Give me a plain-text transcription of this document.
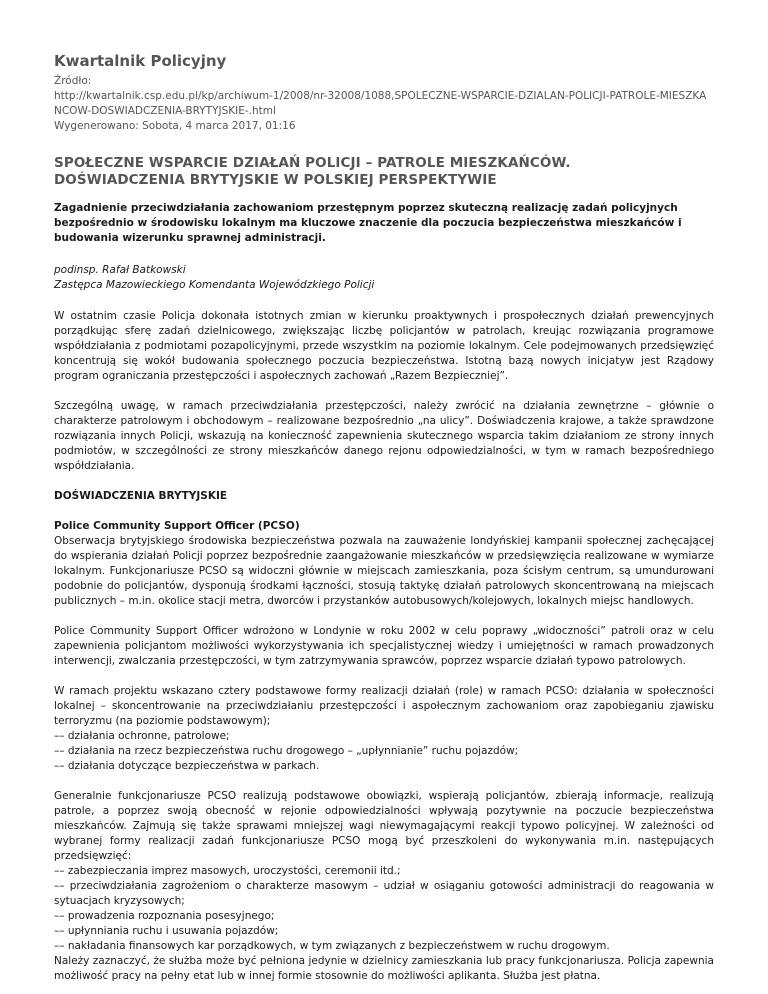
Kwartalnik Policyjny
Źródło:
http://kwartalnik.csp.edu.pl/kp/archiwum-1/2008/nr-32008/1088,SPOLECZNE-WSPARCIE-DZIALAN-POLICJI-PATROLE-MIESZKA
NCOW-DOSWIADCZENIA-BRYTYJSKIE-.html
Wygenerowano: Sobota, 4 marca 2017, 01:16
SPOŁECZNE WSPARCIE DZIAŁAŃ POLICJI – PATROLE MIESZKAŃCÓW.
DOŚWIADCZENIA BRYTYJSKIE W POLSKIEJ PERSPEKTYWIE
Zagadnienie przeciwdziałania zachowaniom przestępnym poprzez skuteczną realizację zadań policyjnych bezpośrednio w środowisku lokalnym ma kluczowe znaczenie dla poczucia bezpieczeństwa mieszkańców i budowania wizerunku sprawnej administracji.
podinsp. Rafał Batkowski
Zastępca Mazowieckiego Komendanta Wojewódzkiego Policji

W ostatnim czasie Policja dokonała istotnych zmian w kierunku proaktywnych i prospołecznych działań prewencyjnych porządkując sferę zadań dzielnicowego, zwiększając liczbę policjantów w patrolach, kreując rozwiązania programowe współdziałania z podmiotami pozapolicyjnymi, przede wszystkim na poziomie lokalnym. Cele podejmowanych przedsięwzięć koncentrują się wokół budowania społecznego poczucia bezpieczeństwa. Istotną bazą nowych inicjatyw jest Rządowy program ograniczania przestępczości i aspołecznych zachowań „Razem Bezpieczniej”.

Szczególną uwagę, w ramach przeciwdziałania przestępczości, należy zwrócić na działania zewnętrzne – głównie o charakterze patrolowym i obchodowym – realizowane bezpośrednio „na ulicy”. Doświadczenia krajowe, a także sprawdzone rozwiązania innych Policji, wskazują na konieczność zapewnienia skutecznego wsparcia takim działaniom ze strony innych podmiotów, w szczególności ze strony mieszkańców danego rejonu odpowiedzialności, w tym w ramach bezpośredniego współdziałania.

DOŚWIADCZENIA BRYTYJSKIE
Police Community Support Officer (PCSO)

Obserwacja brytyjskiego środowiska bezpieczeństwa pozwala na zauważenie londyńskiej kampanii społecznej zachęcającej do wspierania działań Policji poprzez bezpośrednie zaangażowanie mieszkańców w przedsięwzięcia realizowane w wymiarze lokalnym. Funkcjonariusze PCSO są widoczni głównie w miejscach zamieszkania, poza ścisłym centrum, są umundurowani podobnie do policjantów, dysponują środkami łączności, stosują taktykę działań patrolowych skoncentrowaną na miejscach publicznych – m.in. okolice stacji metra, dworców i przystanków autobusowych/kolejowych, lokalnych miejsc handlowych.

Police Community Support Officer wdrożono w Londynie w roku 2002 w celu poprawy „widoczności” patroli oraz w celu zapewnienia policjantom możliwości wykorzystywania ich specjalistycznej wiedzy i umiejętności w ramach prowadzonych interwencji, zwalczania przestępczości, w tym zatrzymywania sprawców, poprzez wsparcie działań typowo patrolowych.

W ramach projektu wskazano cztery podstawowe formy realizacji działań (role) w ramach PCSO: działania w społeczności lokalnej – skoncentrowanie na przeciwdziałaniu przestępczości i aspołecznym zachowaniom oraz zapobieganiu zjawisku terroryzmu (na poziomie podstawowym);

–– działania ochronne, patrolowe;
–– działania na rzecz bezpieczeństwa ruchu drogowego – „upłynnianie” ruchu pojazdów;
–– działania dotyczące bezpieczeństwa w parkach.

Generalnie funkcjonariusze PCSO realizują podstawowe obowiązki, wspierają policjantów, zbierają informacje, realizują patrole, a poprzez swoją obecność w rejonie odpowiedzialności wpływają pozytywnie na poczucie bezpieczeństwa mieszkańców. Zajmują się także sprawami mniejszej wagi niewymagającymi reakcji typowo policyjnej. W zależności od wybranej formy realizacji zadań funkcjonariusze PCSO mogą być przeszkoleni do wykonywania m.in. następujących przedsięwzięć:

–– zabezpieczania imprez masowych, uroczystości, ceremonii itd.;
–– przeciwdziałania zagrożeniom o charakterze masowym – udział w osiąganiu gotowości administracji do reagowania w sytuacjach kryzysowych;
–– prowadzenia rozpoznania posesyjnego;
–– upłynniania ruchu i usuwania pojazdów;
–– nakładania finansowych kar porządkowych, w tym związanych z bezpieczeństwem w ruchu drogowym.

Należy zaznaczyć, że służba może być pełniona jedynie w dzielnicy zamieszkania lub pracy funkcjonariusza. Policja zapewnia możliwość pracy na pełny etat lub w innej formie stosownie do możliwości aplikanta. Służba jest płatna.
